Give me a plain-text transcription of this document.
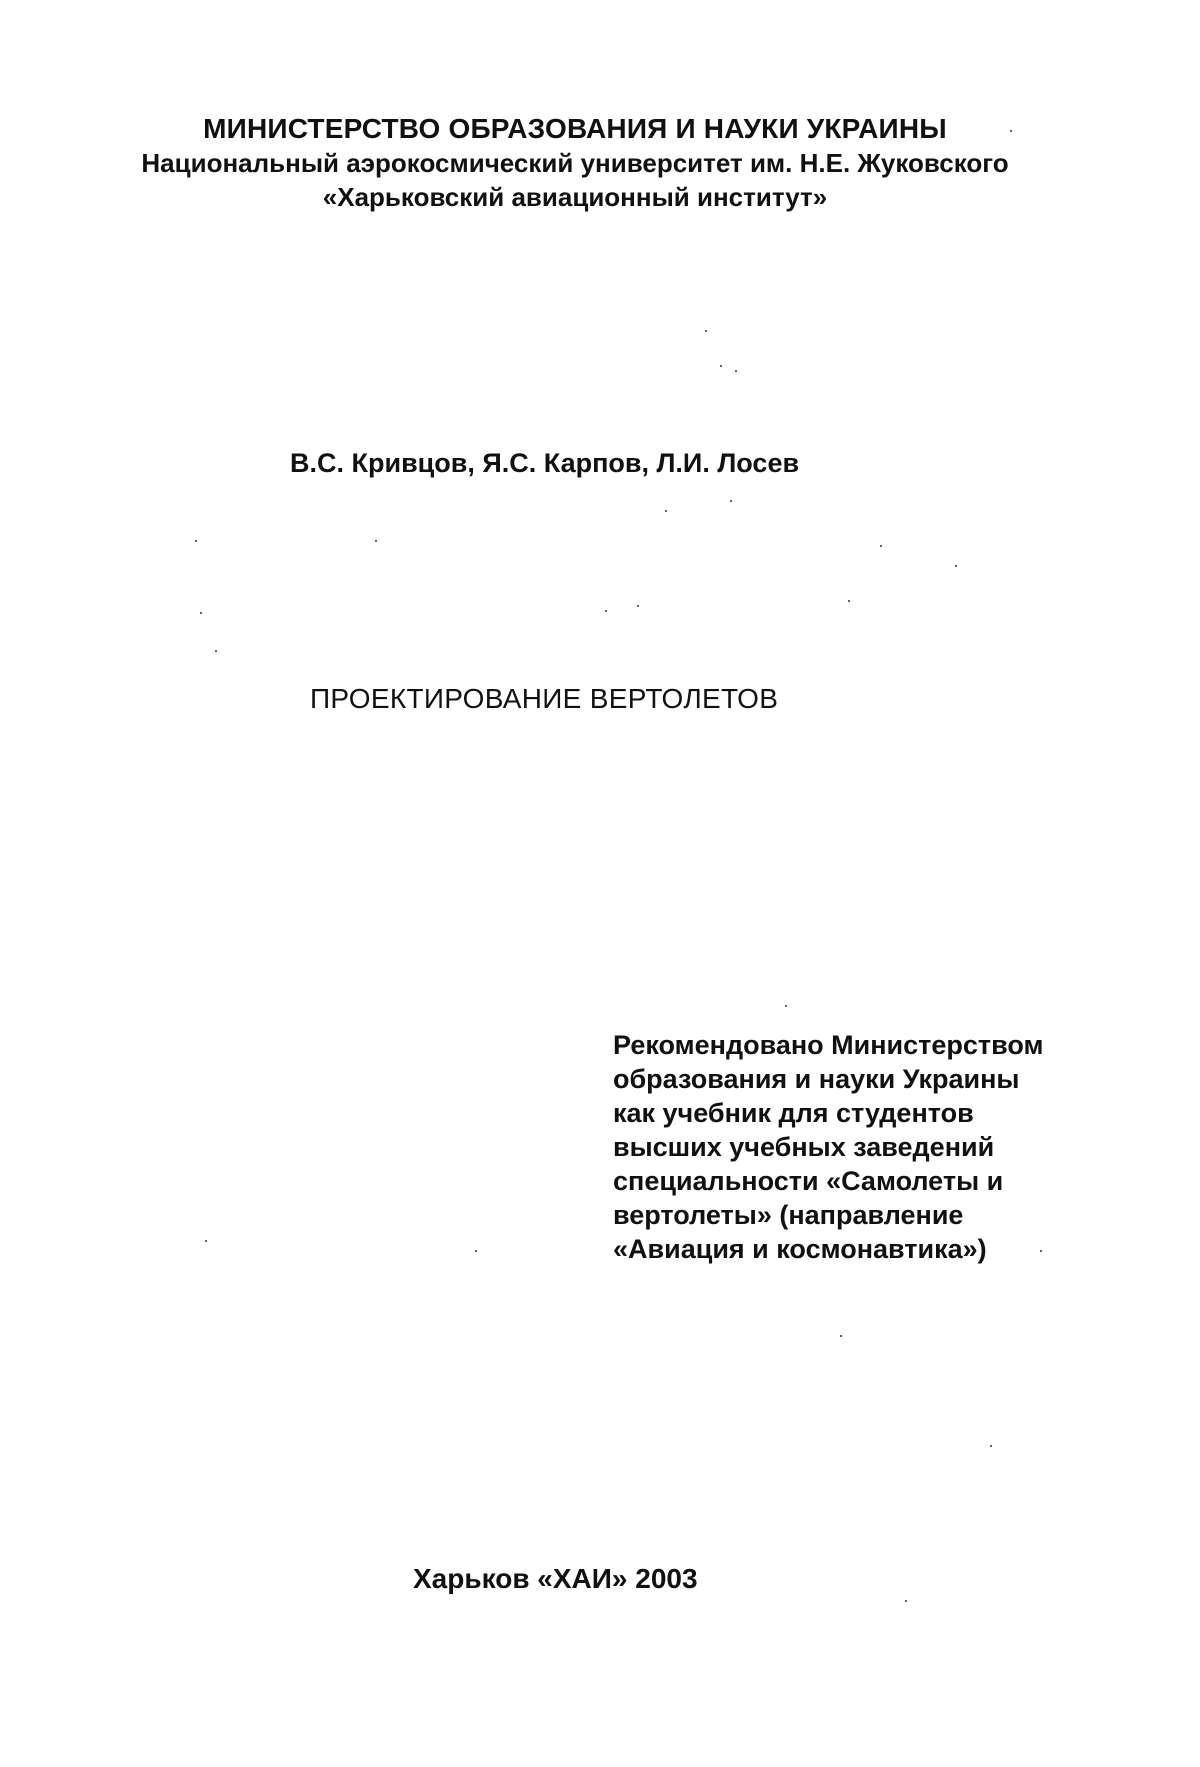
МИНИСТЕРСТВО ОБРАЗОВАНИЯ И НАУКИ УКРАИНЫ
Национальный аэрокосмический университет им. Н.Е. Жуковского
«Харьковский авиационный институт»
В.С. Кривцов, Я.С. Карпов, Л.И. Лосев
ПРОЕКТИРОВАНИЕ ВЕРТОЛЕТОВ
Рекомендовано Министерством
образования и науки Украины
как учебник для студентов
высших учебных заведений
специальности «Самолеты и
вертолеты» (направление
«Авиация и космонавтика»)
Харьков «ХАИ» 2003
